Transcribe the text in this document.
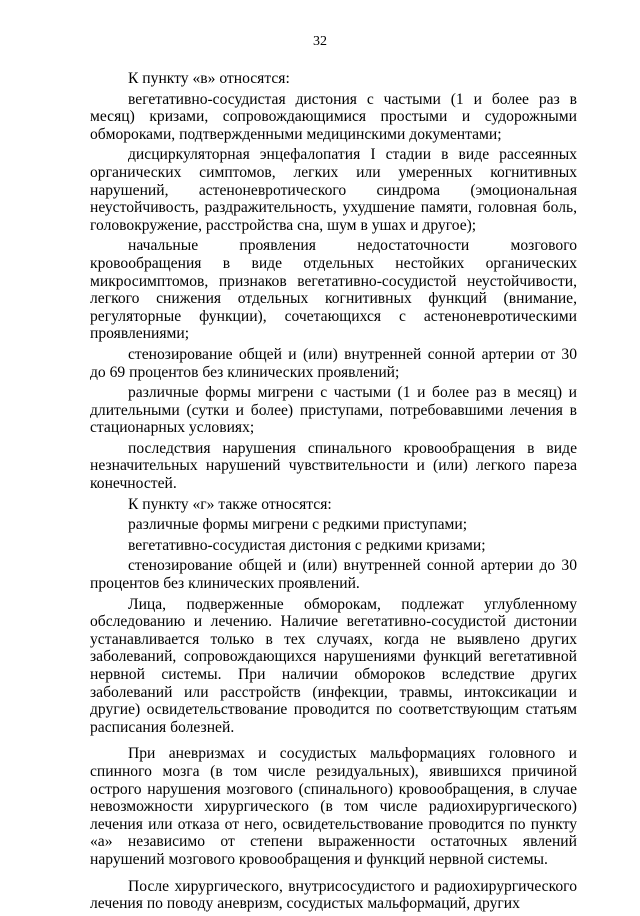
32

К пункту «в» относятся:

вегетативно-сосудистая дистония с частыми (1 и более раз в месяц) кризами, сопровождающимися простыми и судорожными обмороками, подтвержденными медицинскими документами;

дисциркуляторная энцефалопатия I стадии в виде рассеянных органических симптомов, легких или умеренных когнитивных нарушений, астеноневротического синдрома (эмоциональная неустойчивость, раздражительность, ухудшение памяти, головная боль, головокружение, расстройства сна, шум в ушах и другое);

начальные проявления недостаточности мозгового кровообращения в виде отдельных нестойких органических микросимптомов, признаков вегетативно-сосудистой неустойчивости, легкого снижения отдельных когнитивных функций (внимание, регуляторные функции), сочетающихся с астеноневротическими проявлениями;

стенозирование общей и (или) внутренней сонной артерии от 30 до 69 процентов без клинических проявлений;

различные формы мигрени с частыми (1 и более раз в месяц) и длительными (сутки и более) приступами, потребовавшими лечения в стационарных условиях;

последствия нарушения спинального кровообращения в виде незначительных нарушений чувствительности и (или) легкого пареза конечностей.

К пункту «г» также относятся:

различные формы мигрени с редкими приступами;

вегетативно-сосудистая дистония с редкими кризами;

стенозирование общей и (или) внутренней сонной артерии до 30 процентов без клинических проявлений.

Лица, подверженные обморокам, подлежат углубленному обследованию и лечению. Наличие вегетативно-сосудистой дистонии устанавливается только в тех случаях, когда не выявлено других заболеваний, сопровождающихся нарушениями функций вегетативной нервной системы. При наличии обмороков вследствие других заболеваний или расстройств (инфекции, травмы, интоксикации и другие) освидетельствование проводится по соответствующим статьям расписания болезней.

При аневризмах и сосудистых мальформациях головного и спинного мозга (в том числе резидуальных), явившихся причиной острого нарушения мозгового (спинального) кровообращения, в случае невозможности хирургического (в том числе радиохирургического) лечения или отказа от него, освидетельствование проводится по пункту «а» независимо от степени выраженности остаточных явлений нарушений мозгового кровообращения и функций нервной системы.

После хирургического, внутрисосудистого и радиохирургического лечения по поводу аневризм, сосудистых мальформаций, других
